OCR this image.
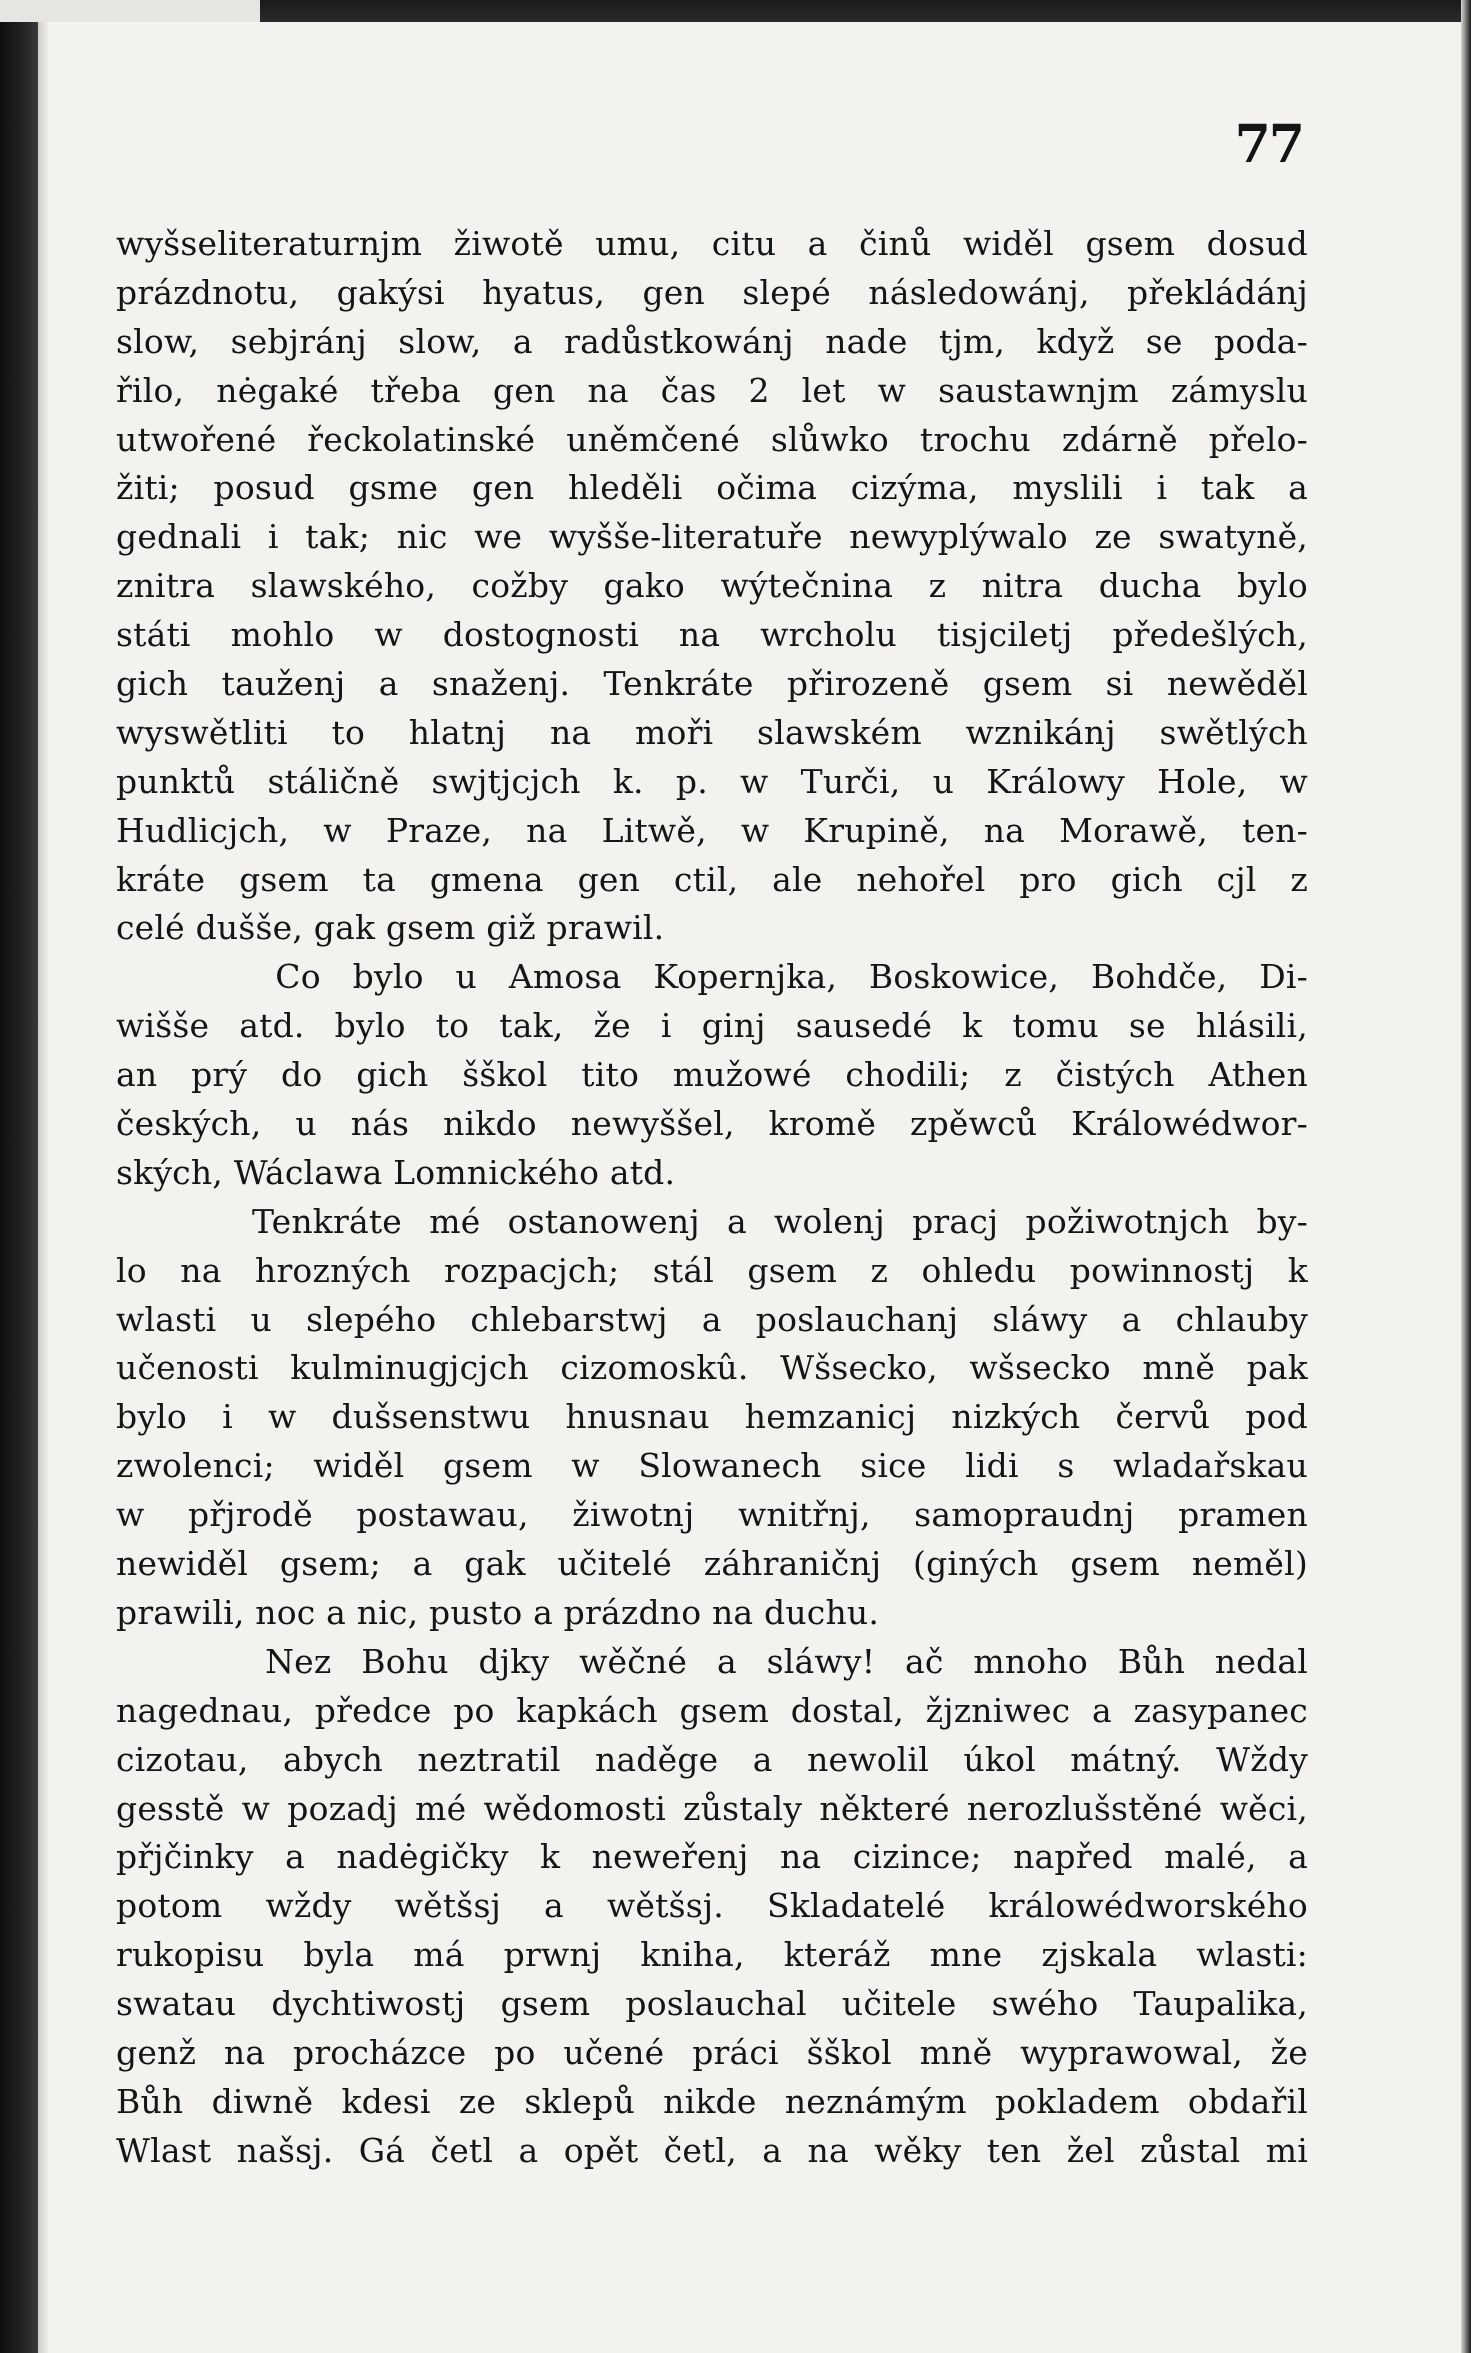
77
wyšseliteraturnjm žiwotě umu, citu a činů widěl gsem dosud
prázdnotu, gakýsi hyatus, gen slepé následowánj, překládánj
slow, sebjránj slow, a radůstkowánj nade tjm, když se poda-
řilo, nėgaké třeba gen na čas 2 let w saustawnjm zámyslu
utwořené řeckolatinské uněmčené slůwko trochu zdárně přelo-
žiti; posud gsme gen hleděli očima cizýma, myslili i tak a
gednali i tak; nic we wyšše-literatuře newyplýwalo ze swatyně,
znitra slawského, cožby gako wýtečnina z nitra ducha bylo
státi mohlo w dostognosti na wrcholu tisjciletj předešlých,
gich tauženj a snaženj. Tenkráte přirozeně gsem si newěděl
wyswětliti to hlatnj na moři slawském wznikánj swětlých
punktů stáličně swjtjcjch k. p. w Turči, u Králowy Hole, w
Hudlicjch, w Praze, na Litwě, w Krupině, na Morawě, ten-
kráte gsem ta gmena gen ctil, ale nehořel pro gich cjl z
celé dušše, gak gsem giž prawil.
Co bylo u Amosa Kopernjka, Boskowice, Bohdče, Di-
wišše atd. bylo to tak, že i ginj sausedé k tomu se hlásili,
an prý do gich šškol tito mužowé chodili; z čistých Athen
českých, u nás nikdo newyššel, kromě zpěwců Králowédwor-
ských, Wáclawa Lomnického atd.
Tenkráte mé ostanowenj a wolenj pracj požiwotnjch by-
lo na hrozných rozpacjch; stál gsem z ohledu powinnostj k
wlasti u slepého chlebarstwj a poslauchanj sláwy a chlauby
učenosti kulminugjcjch cizomoskû. Wšsecko, wšsecko mně pak
bylo i w dušsenstwu hnusnau hemzanicj nizkých červů pod
zwolenci; widěl gsem w Slowanech sice lidi s wladařskau
w přjrodě postawau, žiwotnj wnitřnj, samopraudnj pramen
newiděl gsem; a gak učitelé záhraničnj (giných gsem neměl)
prawili, noc a nic, pusto a prázdno na duchu.
Nez Bohu djky wěčné a sláwy! ač mnoho Bůh nedal
nagednau, předce po kapkách gsem dostal, žjzniwec a zasypanec
cizotau, abych neztratil naděge a newolil úkol mátný. Wždy
gesstě w pozadj mé wědomosti zůstaly některé nerozlušstěné wěci,
přjčinky a nadėgičky k neweřenj na cizince; napřed malé, a
potom wždy wětšsj a wětšsj. Skladatelé králowédworského
rukopisu byla má prwnj kniha, kteráž mne zjskala wlasti:
swatau dychtiwostj gsem poslauchal učitele swého Taupalika,
genž na procházce po učené práci šškol mně wyprawowal, že
Bůh diwně kdesi ze sklepů nikde neznámým pokladem obdařil
Wlast našsj. Gá četl a opět četl, a na wěky ten žel zůstal mi
